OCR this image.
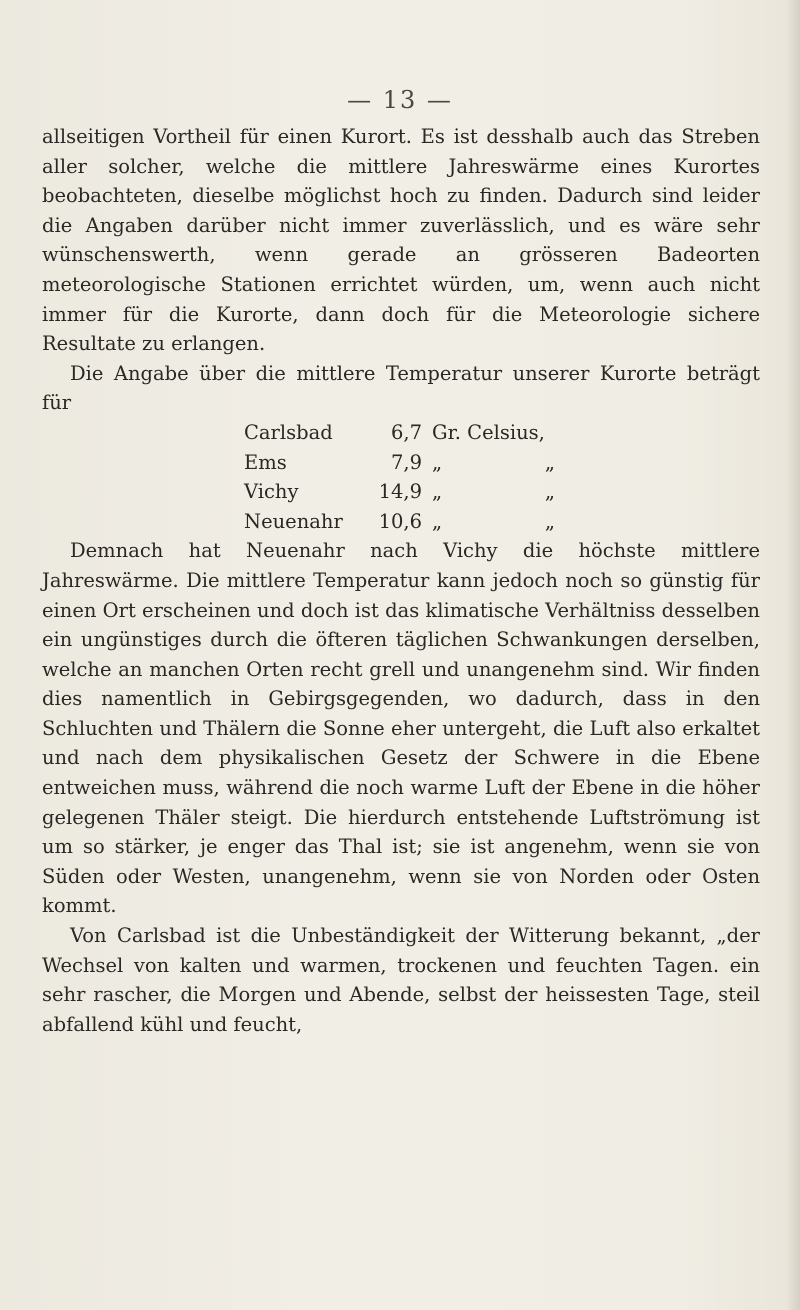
— 13 —

allseitigen Vortheil für einen Kurort. Es ist desshalb auch das Streben aller solcher, welche die mittlere Jahreswärme eines Kurortes beobachteten, dieselbe möglichst hoch zu finden. Dadurch sind leider die Angaben darüber nicht immer zuverlässlich, und es wäre sehr wünschenswerth, wenn gerade an grösseren Badeorten meteorologische Stationen errichtet würden, um, wenn auch nicht immer für die Kurorte, dann doch für die Meteorologie sichere Resultate zu erlangen.

Die Angabe über die mittlere Temperatur unserer Kurorte beträgt für

Carlsbad	6,7	Gr. Celsius,	
Ems	7,9	„	„
Vichy	14,9	„	„
Neuenahr	10,6	„	„

Demnach hat Neuenahr nach Vichy die höchste mittlere Jahreswärme. Die mittlere Temperatur kann jedoch noch so günstig für einen Ort erscheinen und doch ist das klimatische Verhältniss desselben ein ungünstiges durch die öfteren täglichen Schwankungen derselben, welche an manchen Orten recht grell und unangenehm sind. Wir finden dies namentlich in Gebirgsgegenden, wo dadurch, dass in den Schluchten und Thälern die Sonne eher untergeht, die Luft also erkaltet und nach dem physikalischen Gesetz der Schwere in die Ebene entweichen muss, während die noch warme Luft der Ebene in die höher gelegenen Thäler steigt. Die hierdurch entstehende Luftströmung ist um so stärker, je enger das Thal ist; sie ist angenehm, wenn sie von Süden oder Westen, unangenehm, wenn sie von Norden oder Osten kommt.

Von Carlsbad ist die Unbeständigkeit der Witterung bekannt, „der Wechsel von kalten und warmen, trockenen und feuchten Tagen. ein sehr rascher, die Morgen und Abende, selbst der heissesten Tage, steil abfallend kühl und feucht,
